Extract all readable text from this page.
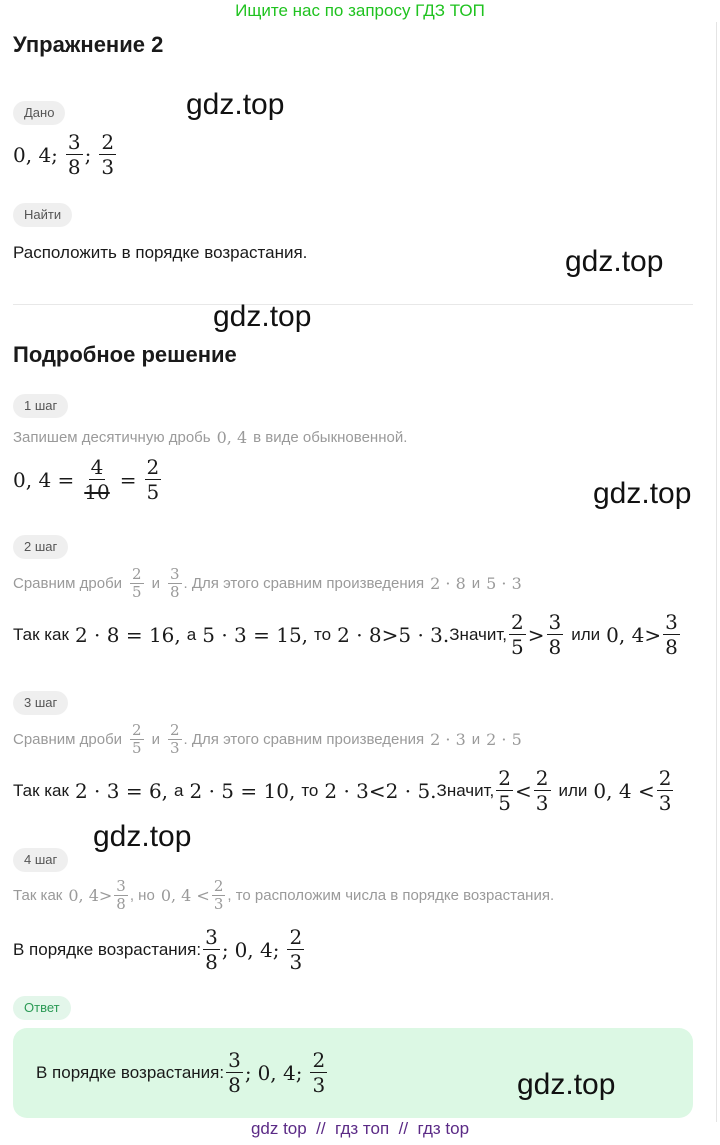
Ищите нас по запросу ГДЗ ТОП
Упражнение 2
Дано
0, 4; $\frac{3}{8}$ ; $\frac{2}{3}$
Найти
Расположить в порядке возрастания.
Подробное решение
1 шаг
Запишем десятичную дробь 0, 4 в виде обыкновенной.
0, $4 = \frac{4}{10} = \frac{2}{5}$
2 шаг
Сравним дроби $\frac{2}{5}$ и $\frac{3}{8}$ . Для этого сравним произведения 2 · 8 и 5 · 3
Так как 2 · 8 = 16, а 5 · 3 = 15, то 2 · 8>5 · 3. Значит, $\frac{2}{5} > \frac{3}{8}$ или 0, $4> \frac{3}{8}$
3 шаг
Сравним дроби $\frac{2}{5}$ и $\frac{2}{3}$ . Для этого сравним произведения 2 · 3 и 2 · 5
Так как 2 · 3 = 6, а 2 · 5 = 10, то 2 · 3<2 · 5. Значит, $\frac{2}{5} < \frac{2}{3}$ или 0, $4 < \frac{2}{3}$
4 шаг
Так как 0, $4> \frac{3}{8}$ , но 0, $4 < \frac{2}{3}$ , то расположим числа в порядке возрастания.
В порядке возрастания: $\frac{3}{8}$ ; 0, 4; $\frac{2}{3}$
Ответ
В порядке возрастания: $\frac{3}{8}$ ; 0, 4; $\frac{2}{3}$
gdz.top
gdz.top
gdz.top
gdz.top
gdz.top
gdz.top
gdz top  //  гдз топ  //  гдз top
